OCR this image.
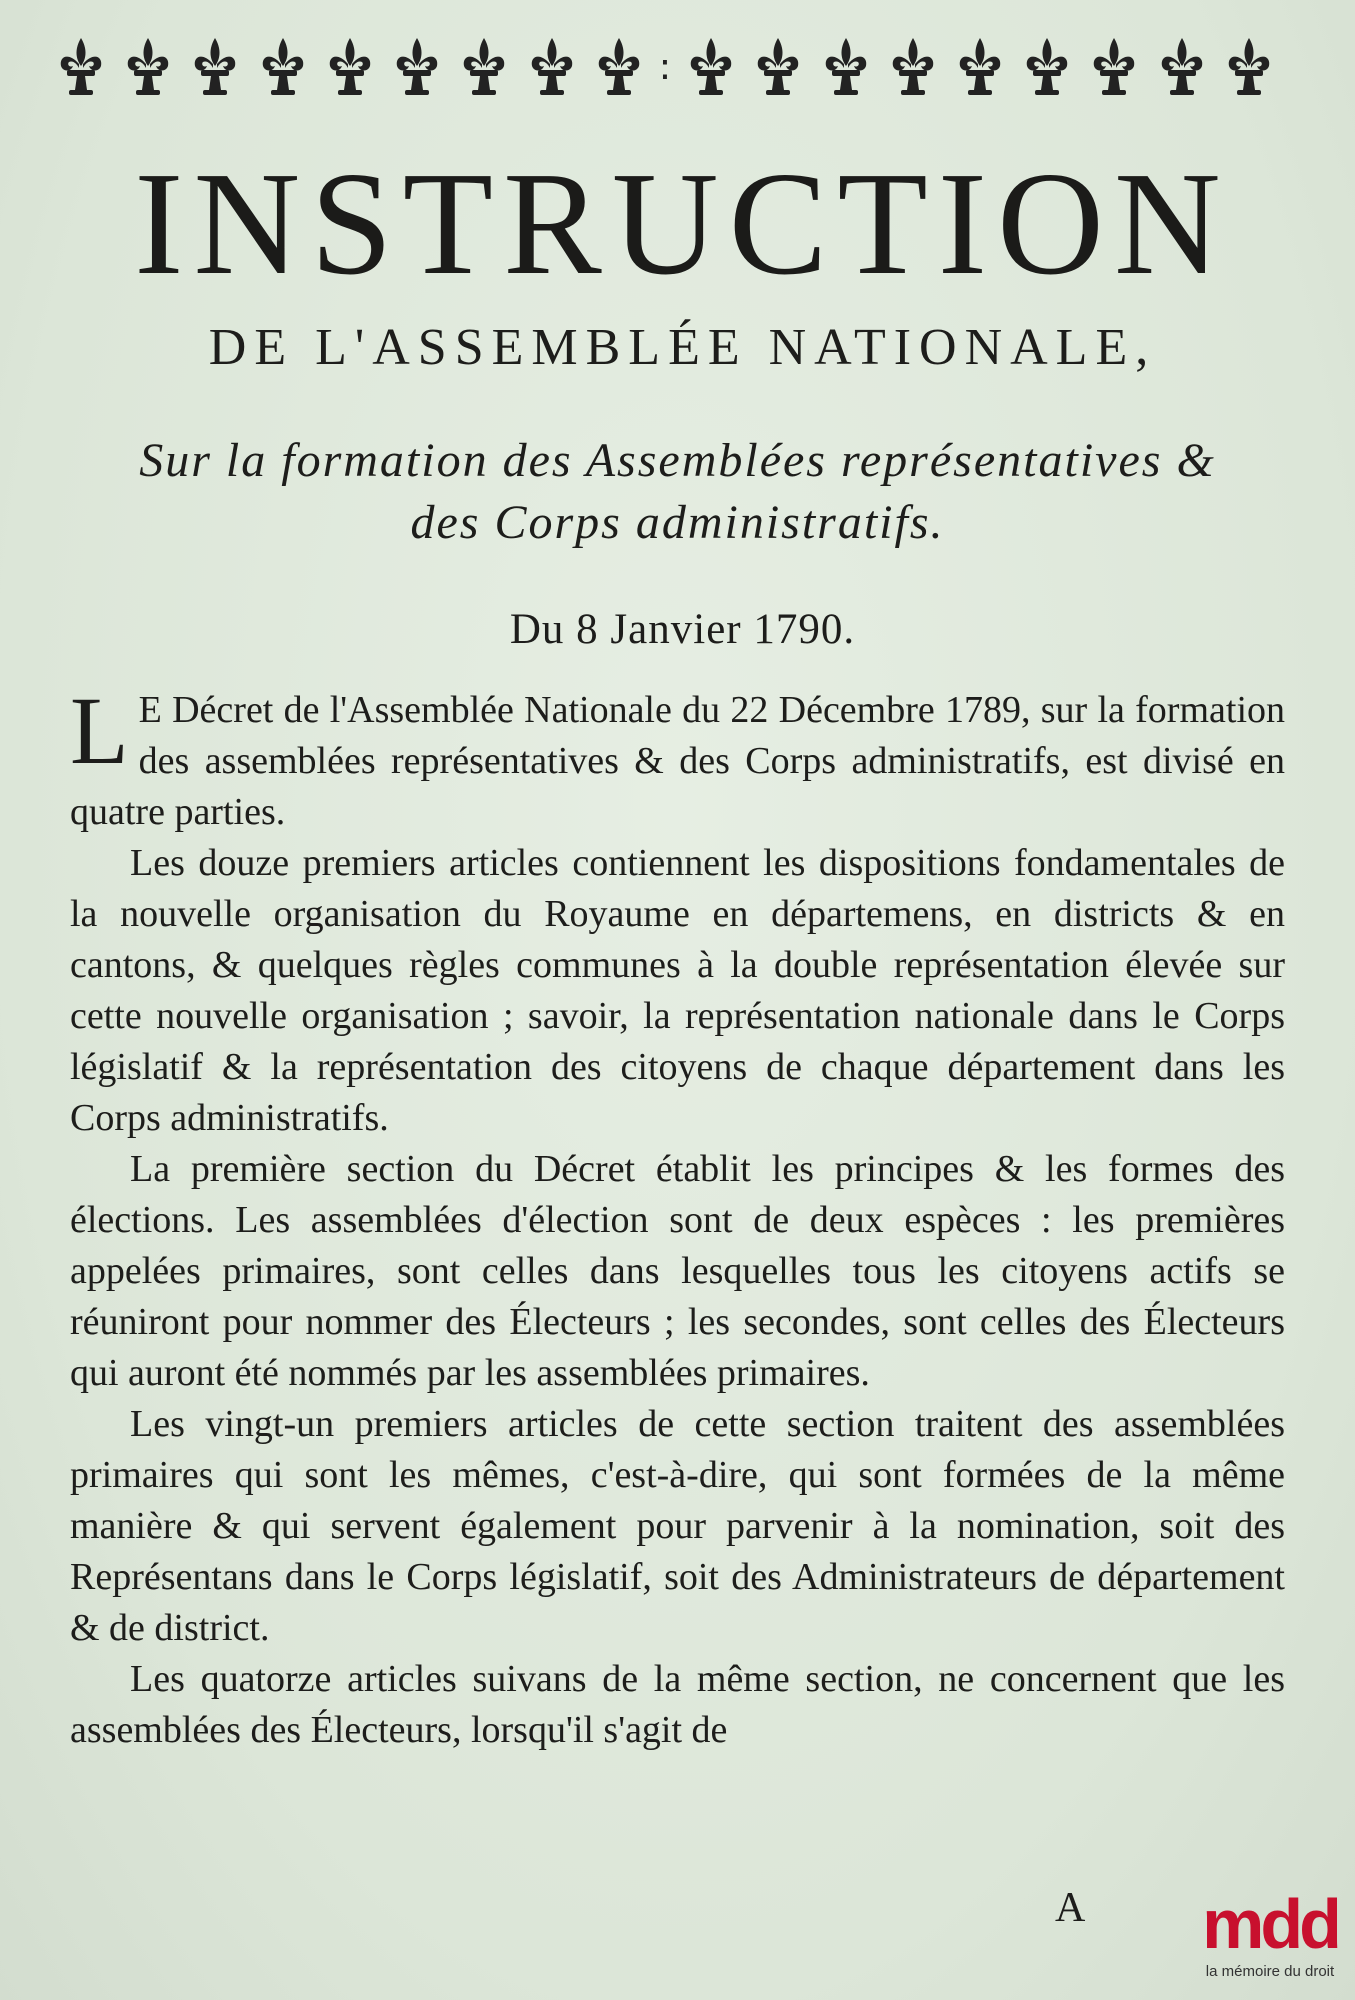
∶
INSTRUCTION
DE L'ASSEMBLÉE NATIONALE,
Sur la formation des Assemblées représentatives &
des Corps administratifs.
Du 8 Janvier 1790.

L E Décret de l'Assemblée Nationale du 22 Décembre 1789, sur la formation des assemblées représentatives & des Corps administratifs, est divisé en quatre parties.

Les douze premiers articles contiennent les dispositions fondamentales de la nouvelle organisation du Royaume en départemens, en districts & en cantons, & quelques règles communes à la double représentation élevée sur cette nouvelle organisation ; savoir, la représentation nationale dans le Corps législatif & la représentation des citoyens de chaque département dans les Corps administratifs.

La première section du Décret établit les principes & les formes des élections. Les assemblées d'élection sont de deux espèces : les premières appelées primaires, sont celles dans lesquelles tous les citoyens actifs se réuniront pour nommer des Électeurs ; les secondes, sont celles des Électeurs qui auront été nommés par les assemblées primaires.

Les vingt-un premiers articles de cette section traitent des assemblées primaires qui sont les mêmes, c'est-à-dire, qui sont formées de la même manière & qui servent également pour parvenir à la nomination, soit des Représentans dans le Corps législatif, soit des Administrateurs de département & de district.

Les quatorze articles suivans de la même section, ne concernent que les assemblées des Électeurs, lorsqu'il s'agit de

A mdd
la mémoire du droit
